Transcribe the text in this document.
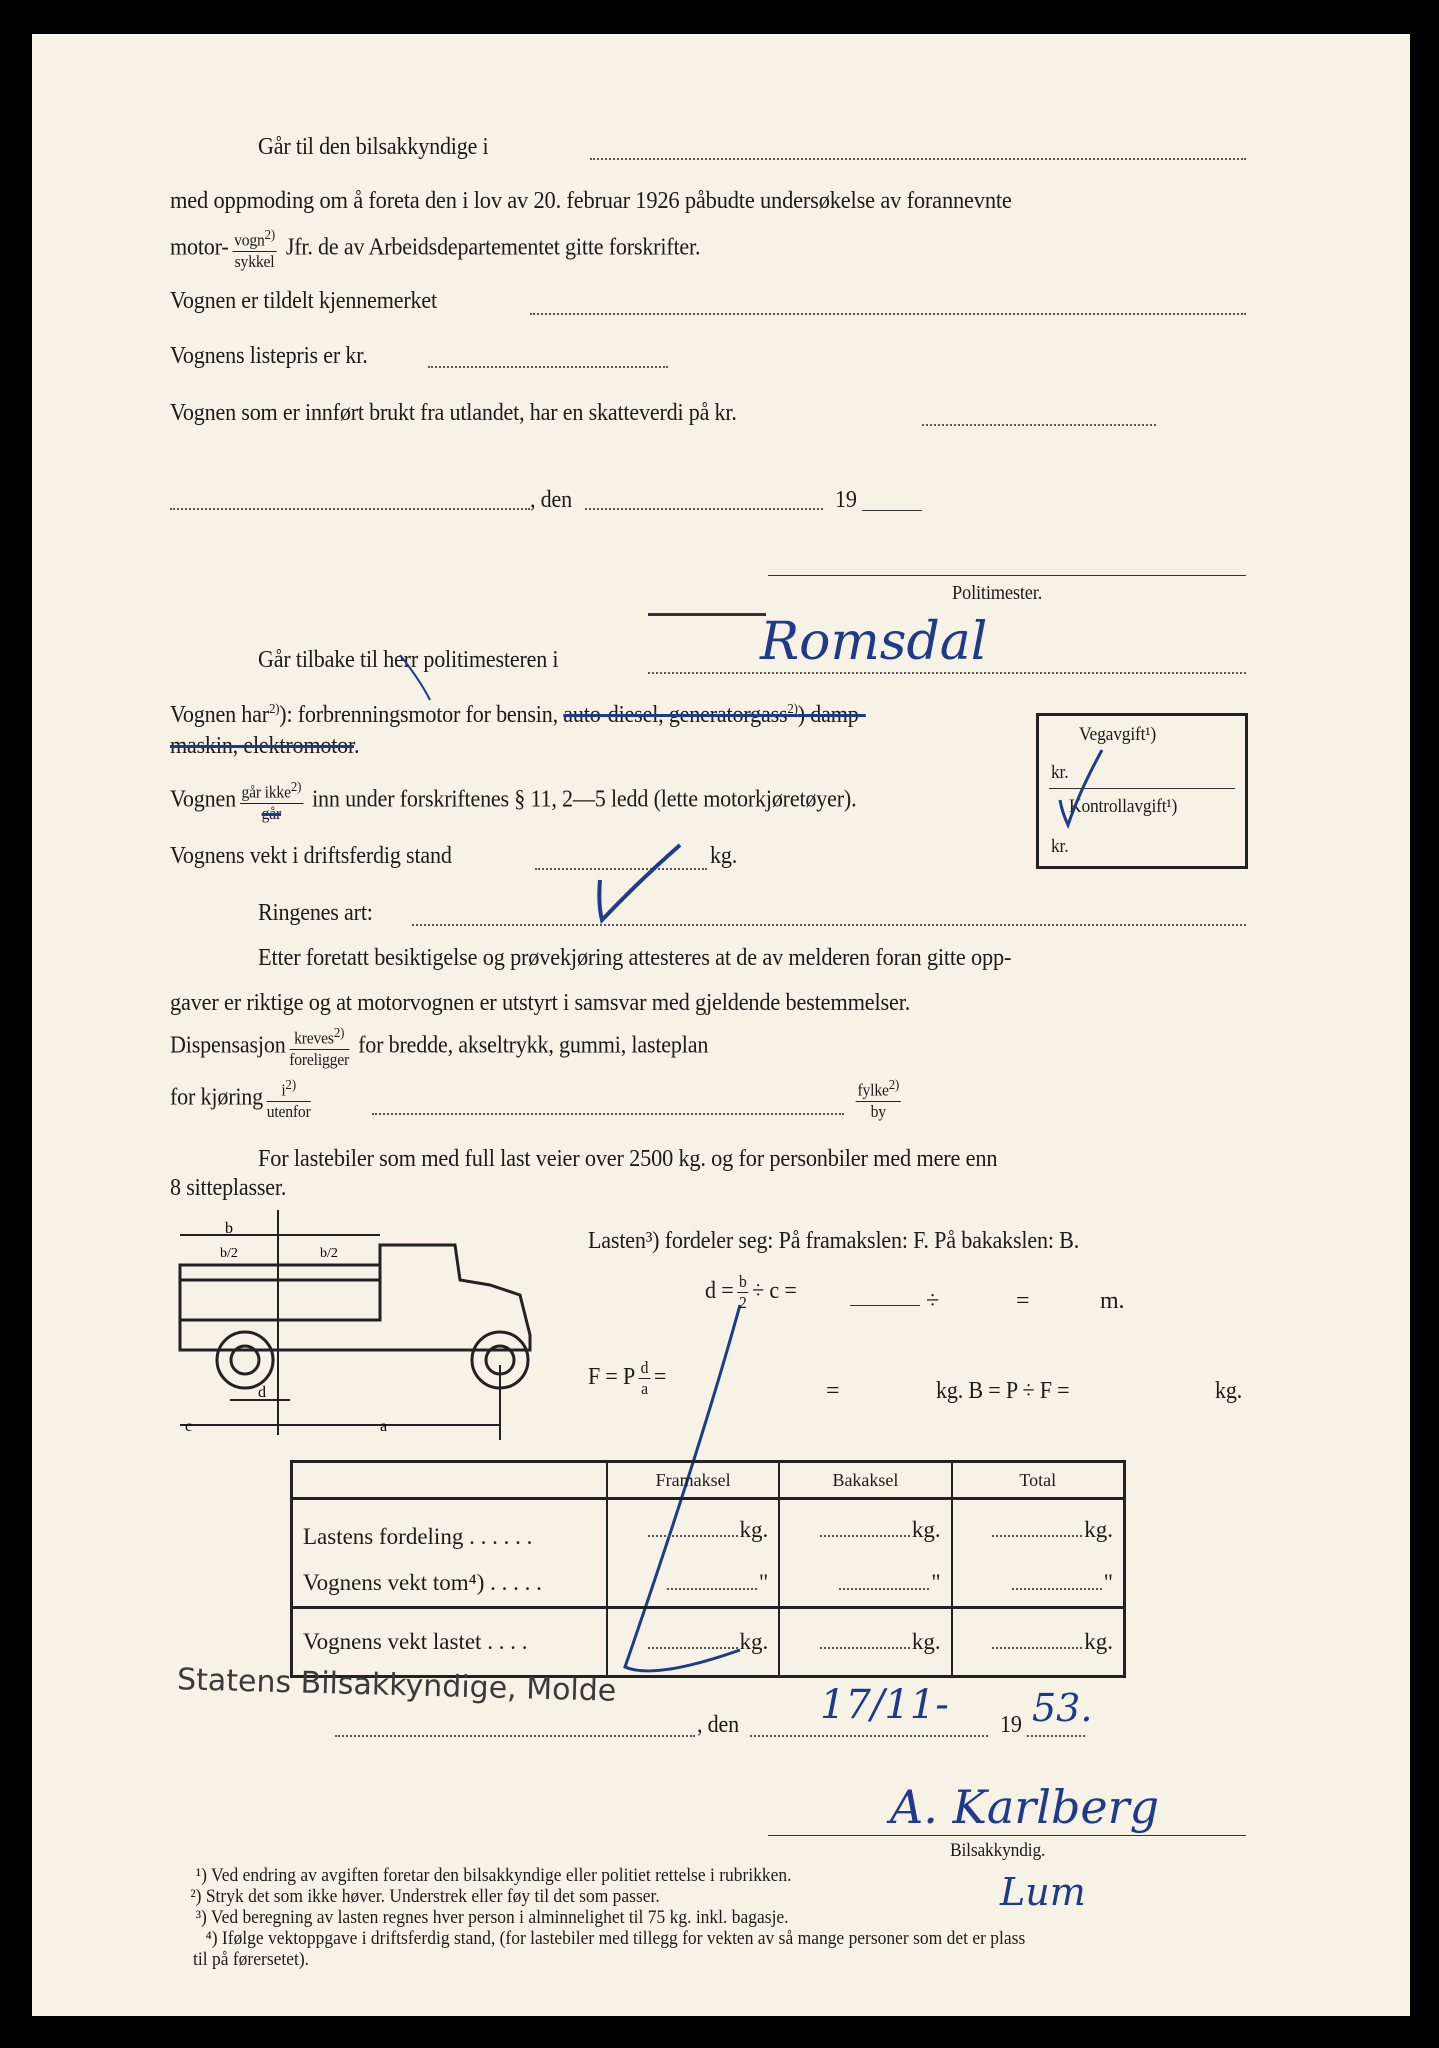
Går til den bilsakkyndige i
med oppmoding om å foreta den i lov av 20. februar 1926 påbudte undersøkelse av forannevnte
motor- $\frac{vogn^{2)}}{\text{sykkel}}$ Jfr. de av Arbeidsdepartementet gitte forskrifter.
Vognen er tildelt kjennemerket
Vognens listepris er kr.
Vognen som er innført brukt fra utlandet, har en skatteverdi på kr.
, den	19
Politimester.
Går tilbake til herr politimesteren i	Romsdal
Vognen har$^{2)}$): forbrenningsmotor for bensin, auto-diesel, generatorgass$^{2)}$) damp-
maskin, elektromotor.
Vognen $\frac{går ikke^{2)}}{\text{går}}$ inn under forskriftenes § 11, 2—5 ledd (lette motorkjøretøyer).
Vognens vekt i driftsferdig stand	kg.
Ringenes art:
Vegavgift¹)
kr.
Kontrollavgift¹)
kr.
Etter foretatt besiktigelse og prøvekjøring attesteres at de av melderen foran gitte opp-
gaver er riktige og at motorvognen er utstyrt i samsvar med gjeldende bestemmelser.
Dispensasjon $\frac{kreves^{2)}}{\text{foreligger}}$ for bredde, akseltrykk, gummi, lasteplan
for kjøring $\frac{i^{2)}}{\text{utenfor}}$	$\frac{fylke^{2)}}{by}$
For lastebiler som med full last veier over 2500 kg. og for personbiler med mere enn
8 sitteplasser.
b
b/2	b/2
d
c	a
Lasten³) fordeler seg: På framakslen: F. På bakakslen: B.
$d = \frac{b}{2} \div c$ =	÷	=	m.
F = P $\frac{d}{a}$ =
=	kg. B = P ÷ F =	kg.
	Framaksel	Bakaksel	Total
Lastens fordeling . . . . . .	kg.	kg.	kg.
Vognens vekt tom⁴) . . . . .	"	"	"
Vognens vekt lastet . . . .	kg.	kg.	kg.
Statens Bilsakkyndige, Molde
, den	19
17/11- 53.
A. Karlberg
Bilsakkyndig.
Lum
¹) Ved endring av avgiften foretar den bilsakkyndige eller politiet rettelse i rubrikken.
²) Stryk det som ikke høver. Understrek eller føy til det som passer.
³) Ved beregning av lasten regnes hver person i alminnelighet til 75 kg. inkl. bagasje.
⁴) Ifølge vektoppgave i driftsferdig stand, (for lastebiler med tillegg for vekten av så mange personer som det er plass
til på førersetet).
